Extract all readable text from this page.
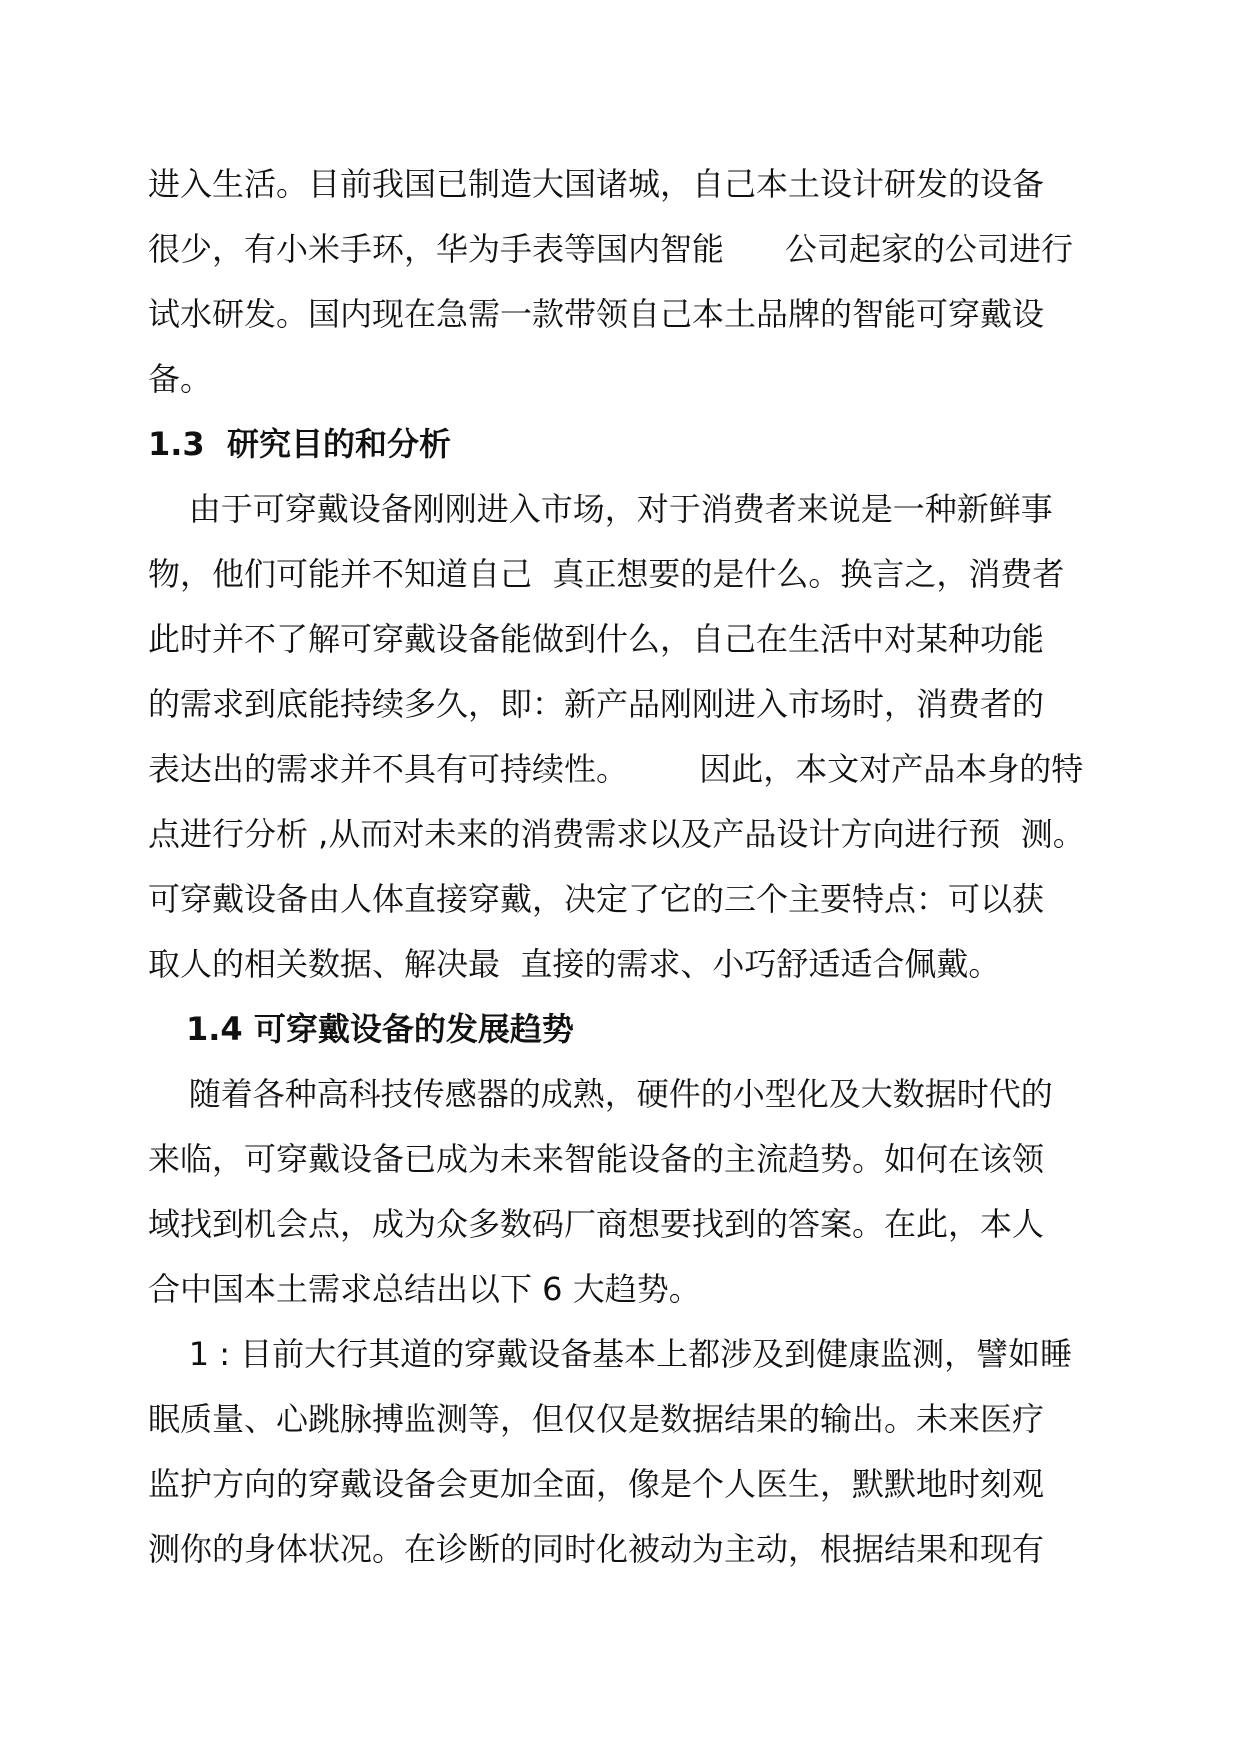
进入生活。目前我国已制造大国诸城，自己本土设计研发的设备
很少，有小米手环，华为手表等国内智能      公司起家的公司进行
试水研发。国内现在急需一款带领自己本土品牌的智能可穿戴设
备。
1.3  研究目的和分析
由于可穿戴设备刚刚进入市场，对于消费者来说是一种新鲜事
物，他们可能并不知道自己  真正想要的是什么。换言之，消费者
此时并不了解可穿戴设备能做到什么，自己在生活中对某种功能
的需求到底能持续多久，即：新产品刚刚进入市场时，消费者的
表达出的需求并不具有可持续性。       因此，本文对产品本身的特
点进行分析 ,从而对未来的消费需求以及产品设计方向进行预  测。
可穿戴设备由人体直接穿戴，决定了它的三个主要特点：可以获
取人的相关数据、解决最  直接的需求、小巧舒适适合佩戴。
1.4 可穿戴设备的发展趋势
随着各种高科技传感器的成熟，硬件的小型化及大数据时代的
来临，可穿戴设备已成为未来智能设备的主流趋势。如何在该领
域找到机会点，成为众多数码厂商想要找到的答案。在此，本人
合中国本土需求总结出以下 6 大趋势。
1 : 目前大行其道的穿戴设备基本上都涉及到健康监测，譬如睡
眠质量、心跳脉搏监测等，但仅仅是数据结果的输出。未来医疗
监护方向的穿戴设备会更加全面，像是个人医生，默默地时刻观
测你的身体状况。在诊断的同时化被动为主动，根据结果和现有
